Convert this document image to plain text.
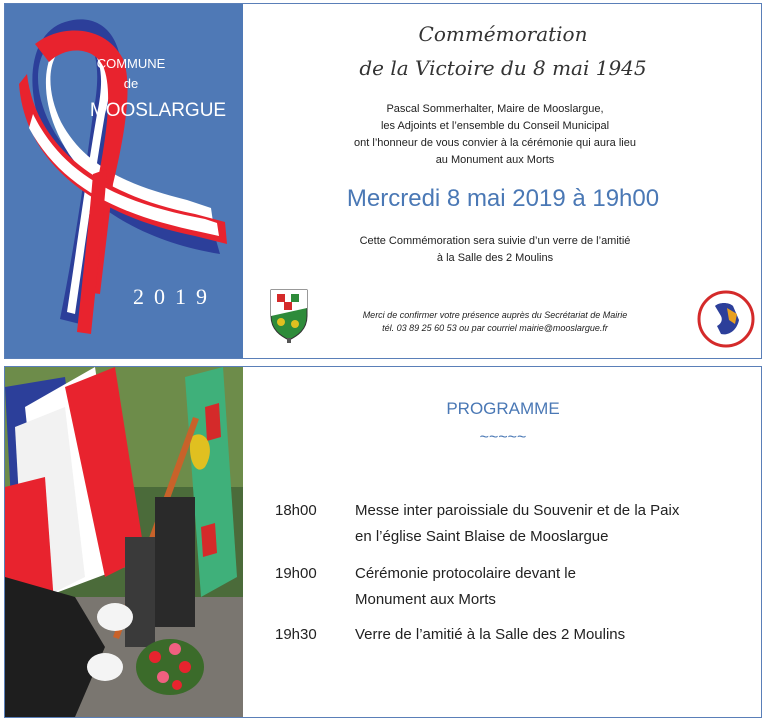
COMMUNE
de
MOOSLARGUE
2019
Commémoration
de la Victoire du 8 mai 1945
Pascal Sommerhalter, Maire de Mooslargue,
les Adjoints et l’ensemble du Conseil Municipal
ont l’honneur de vous convier à la cérémonie qui aura lieu
au Monument aux Morts
Mercredi 8 mai 2019 à 19h00
Cette Commémoration sera suivie d’un verre de l’amitié
à la Salle des 2 Moulins
Merci de confirmer votre présence auprès du Secrétariat de Mairie
tél. 03 89 25 60 53 ou par courriel mairie@mooslargue.fr
PROGRAMME
~~~~~
18h00	Messe inter paroissiale du Souvenir et de la Paix
en l’église Saint Blaise de Mooslargue
19h00	Cérémonie protocolaire devant le
Monument aux Morts
19h30	Verre de l’amitié à la Salle des 2 Moulins
